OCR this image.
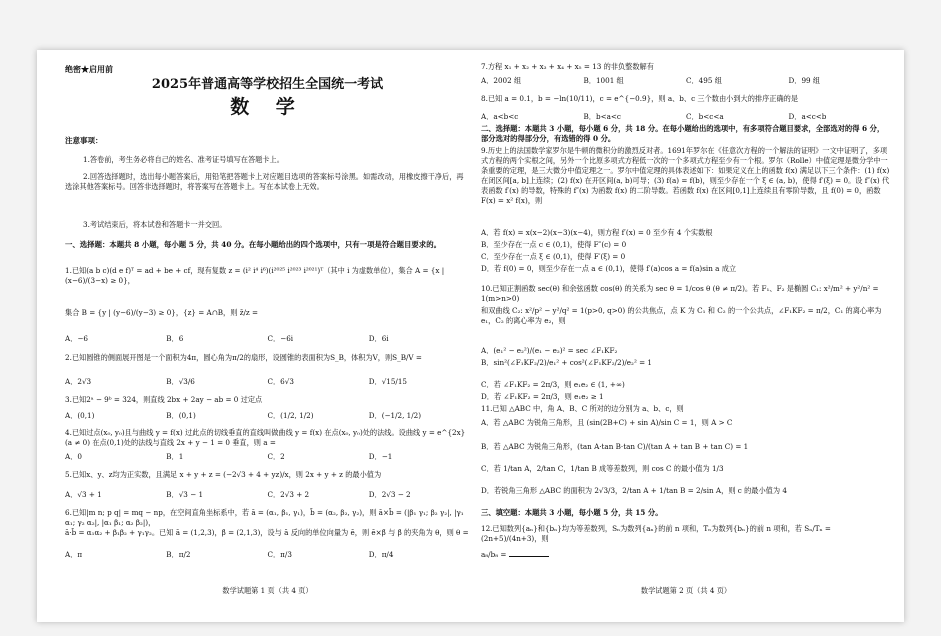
绝密★启用前
2025年普通高等学校招生全国统一考试
数 学
注意事项：
1.答卷前，考生务必将自己的姓名、准考证号填写在答题卡上。
2.回答选择题时，选出每小题答案后，用铅笔把答题卡上对应题目选项的答案标号涂黑。如需改动，用橡皮擦干净后，再选涂其他答案标号。回答非选择题时，将答案写在答题卡上。写在本试卷上无效。
3.考试结束后，将本试卷和答题卡一并交回。
一、选择题：本题共 8 小题，每小题 5 分，共 40 分。在每小题给出的四个选项中，只有一项是符合题目要求的。
1.已知(a b c)(d e f)ᵀ = ad + be + cf，现有复数 z = (i² i⁴ i⁶)(i²⁰²⁵ i²⁰²³ i²⁰²¹)ᵀ（其中 i 为虚数单位），集合 A = {x | (x−6)/(3−x) ≥ 0}，
集合 B = {y | (y−6)/(y−3) ≥ 0}，{z} = A∩B，则 z̄/z =
A．−6	B．6	C．−6i	D．6i
2.已知圆锥的侧面展开图是一个面积为4π，圆心角为π/2的扇形，设圆锥的表面积为S_B，体积为V，则S_B/V =
A．2√3	B．√3/6	C．6√3	D．√15/15
3.已知2ᵃ − 9ᵇ = 324，则直线 2bx + 2ay − ab = 0 过定点
A．(0,1)	B．(0,1)	C．(1/2, 1/2)	D．(−1/2, 1/2)
4.已知过点(x₀, y₀)且与曲线 y = f(x) 过此点的切线垂直的直线叫做曲线 y = f(x) 在点(x₀, y₀)处的法线。设曲线 y = e^{2x}(a ≠ 0) 在点(0,1)处的法线与直线 2x + y − 1 = 0 垂直，则 a =
A．0	B．1	C．2	D．−1
5.已知x、y、z均为正实数，且满足 x + y + z = (−2√3 + 4 + yz)/x，则 2x + y + z 的最小值为
A．√3 + 1	B．√3 − 1	C．2√3 + 2	D．2√3 − 2
6.已知|m n; p q| = mq − np，在空间直角坐标系中，若 ā = (α₁, β₁, γ₁)，b̄ = (α₂, β₂, γ₂)，则 ā×b̄ = (|β₁ γ₁; β₂ γ₂|, |γ₁ α₁; γ₂ α₂|, |α₁ β₁; α₂ β₂|)，
ā·b̄ = α₁α₂ + β₁β₂ + γ₁γ₂。已知 ā = (1,2,3)，β̄ = (2,1,3)，设与 ā 反向的单位向量为 ē，则 ē×β̄ 与 β̄ 的夹角为 θ，则 θ =
A．π	B．π/2	C．π/3	D．π/4
数学试题第 1 页（共 4 页）
7.方程 x₁ + x₂ + x₃ + x₄ + x₅ = 13 的非负整数解有
A．2002 组	B．1001 组	C．495 组	D．99 组
8.已知 a = 0.1，b = −ln(10/11)，c = e^{−0.9}，则 a、b、c 三个数由小到大的排序正确的是
A．a<b<c	B．b<a<c	C．b<c<a	D．a<c<b
二、选择题：本题共 3 小题，每小题 6 分，共 18 分。在每小题给出的选项中，有多项符合题目要求，全部选对的得 6 分，部分选对的得部分分，有选错的得 0 分。
9.历史上的法国数学家罗尔是牛顿的微积分的激烈反对者。1691年罗尔在《任意次方程的一个解法的证明》一文中证明了，多项式方程的两个实根之间，另外一个比原多项式方程低一次的一个多项式方程至少有一个根。罗尔（Rolle）中值定理是微分学中一条重要的定理，是三大微分中值定理之一。罗尔中值定理的具体表述如下：如果定义在上的函数 f(x) 满足以下三个条件：(1) f(x) 在闭区间[a, b]上连续；(2) f(x) 在开区间(a, b)可导；(3) f(a) = f(b)，则至少存在一个 ξ ∈ (a, b)，使得 f′(ξ) = 0。设 f″(x) 代表函数 f′(x) 的导数，特殊的 f″(x) 为函数 f(x) 的二阶导数。若函数 f(x) 在区间[0,1]上连续且有零阶导数，且 f(0) = 0，函数 F(x) = x² f(x)，则
A．若 f(x) = x(x−2)(x−3)(x−4)，则方程 f′(x) = 0 至少有 4 个实数根
B．至少存在一点 c ∈ (0,1)，使得 F″(c) = 0
C．至少存在一点 ξ ∈ (0,1)，使得 F′(ξ) = 0
D．若 f(0) = 0，则至少存在一点 a ∈ (0,1)，使得 f′(a)cos a = f(a)sin a 成立
10.已知正割函数 sec(θ) 和余弦函数 cos(θ) 的关系为 sec θ = 1/cos θ (θ ≠ π/2)。若 F₁、F₂ 是椭圆 C₁: x²/m² + y²/n² = 1(m>n>0)
和双曲线 C₂: x²/p² − y²/q² = 1(p>0, q>0) 的公共焦点，点 K 为 C₁ 和 C₂ 的一个公共点，∠F₁KF₂ = π/2，C₁ 的离心率为 e₁，C₂ 的离心率为 e₂，则
A．(e₁² − e₂²)/(e₁ − e₂)² = sec ∠F₁KF₂
B．sin²(∠F₁KF₂/2)/e₁² + cos²(∠F₁KF₂/2)/e₂² = 1
C．若 ∠F₁KF₂ = 2π/3，则 e₁e₂ ∈ (1, +∞)
D．若 ∠F₁KF₂ = 2π/3，则 e₁e₂ ≥ 1
11.已知 △ABC 中，角 A、B、C 所对的边分别为 a、b、c，则
A．若 △ABC 为锐角三角形，且 (sin(2B+C) + sin A)/sin C = 1，则 A > C
B．若 △ABC 为锐角三角形，(tan A·tan B·tan C)/(tan A + tan B + tan C) = 1
C．若 1/tan A，2/tan C，1/tan B 成等差数列，则 cos C 的最小值为 1/3
D．若锐角三角形 △ABC 的面积为 2√3/3，2/tan A + 1/tan B = 2/sin A，则 c 的最小值为 4
三、填空题：本题共 3 小题，每小题 5 分，共 15 分。
12.已知数列{aₙ}和{bₙ}均为等差数列，Sₙ为数列{aₙ}的前 n 项和，Tₙ为数列{bₙ}的前 n 项和，若 Sₙ/Tₙ = (2n+5)/(4n+3)，则
a₈/b₈ =
数学试题第 2 页（共 4 页）
